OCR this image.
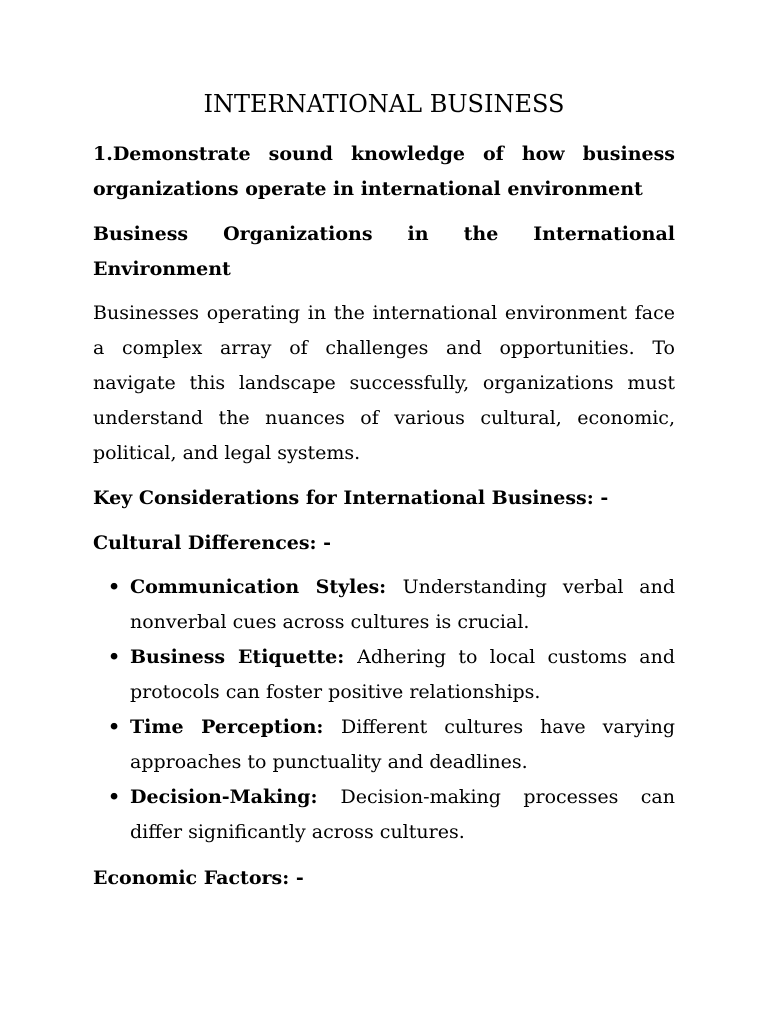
INTERNATIONAL BUSINESS

1.Demonstrate sound knowledge of how business organizations operate in international environment

Business Organizations in the International Environment

Businesses operating in the international environment face a complex array of challenges and opportunities. To navigate this landscape successfully, organizations must understand the nuances of various cultural, economic, political, and legal systems.

Key Considerations for International Business: -

Cultural Differences: -

• Communication Styles: Understanding verbal and nonverbal cues across cultures is crucial.
• Business Etiquette: Adhering to local customs and protocols can foster positive relationships.
• Time Perception: Different cultures have varying approaches to punctuality and deadlines.
• Decision-Making: Decision-making processes can differ significantly across cultures.

Economic Factors: -
